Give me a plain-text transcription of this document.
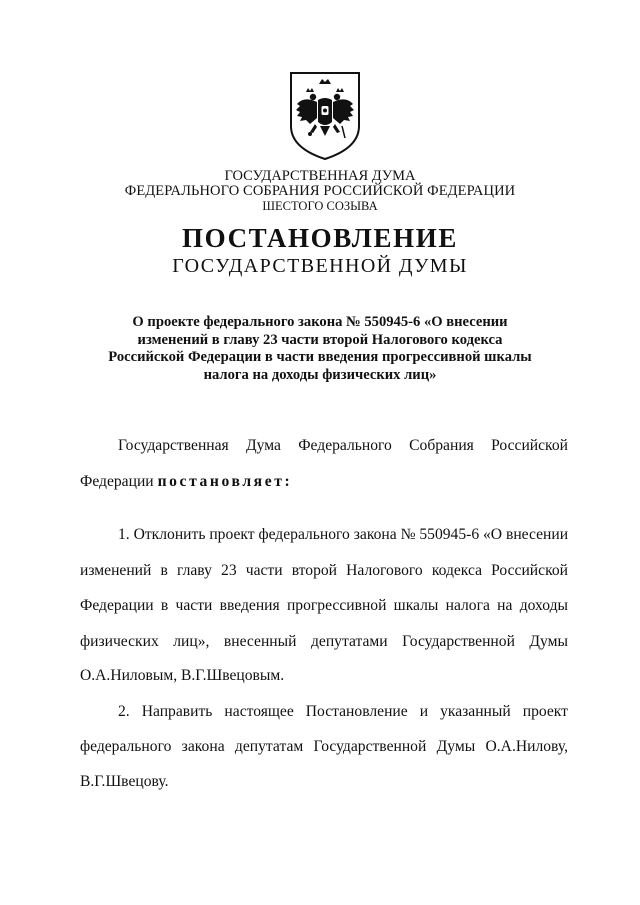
ГОСУДАРСТВЕННАЯ ДУМА
ФЕДЕРАЛЬНОГО СОБРАНИЯ РОССИЙСКОЙ ФЕДЕРАЦИИ
ШЕСТОГО СОЗЫВА
ПОСТАНОВЛЕНИЕ
ГОСУДАРСТВЕННОЙ ДУМЫ
О проекте федерального закона № 550945-6 «О внесении
изменений в главу 23 части второй Налогового кодекса
Российской Федерации в части введения прогрессивной шкалы
налога на доходы физических лиц»
Государственная Дума Федерального Собрания Российской
Федерации постановляет:
1. Отклонить проект федерального закона № 550945-6 «О внесении
изменений в главу 23 части второй Налогового кодекса Российской
Федерации в части введения прогрессивной шкалы налога на доходы
физических лиц», внесенный депутатами Государственной Думы
О.А.Ниловым, В.Г.Швецовым.
2. Направить настоящее Постановление и указанный проект
федерального закона депутатам Государственной Думы О.А.Нилову,
В.Г.Швецову.
